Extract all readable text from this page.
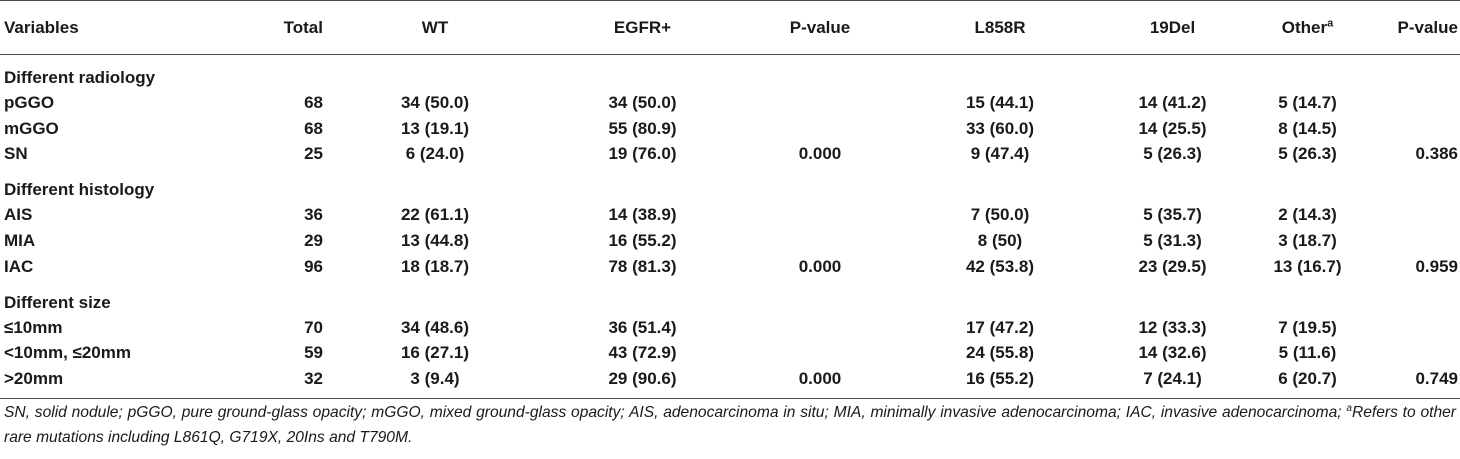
Variables	Total	WT	EGFR+	P-value	L858R	19Del	Other$^a$	P-value
Different radiology								
pGGO	68	34 (50.0)	34 (50.0)		15 (44.1)	14 (41.2)	5 (14.7)	
mGGO	68	13 (19.1)	55 (80.9)		33 (60.0)	14 (25.5)	8 (14.5)	
SN	25	6 (24.0)	19 (76.0)	0.000	9 (47.4)	5 (26.3)	5 (26.3)	0.386
Different histology								
AIS	36	22 (61.1)	14 (38.9)		7 (50.0)	5 (35.7)	2 (14.3)	
MIA	29	13 (44.8)	16 (55.2)		8 (50)	5 (31.3)	3 (18.7)	
IAC	96	18 (18.7)	78 (81.3)	0.000	42 (53.8)	23 (29.5)	13 (16.7)	0.959
Different size								
≤10mm	70	34 (48.6)	36 (51.4)		17 (47.2)	12 (33.3)	7 (19.5)	
<10mm, ≤20mm	59	16 (27.1)	43 (72.9)		24 (55.8)	14 (32.6)	5 (11.6)	
>20mm	32	3 (9.4)	29 (90.6)	0.000	16 (55.2)	7 (24.1)	6 (20.7)	0.749
SN, solid nodule; pGGO, pure ground-glass opacity; mGGO, mixed ground-glass opacity; AIS, adenocarcinoma in situ; MIA, minimally invasive adenocarcinoma; IAC, invasive adenocarcinoma; $^a$Refers to other rare mutations including L861Q, G719X, 20Ins and T790M.
